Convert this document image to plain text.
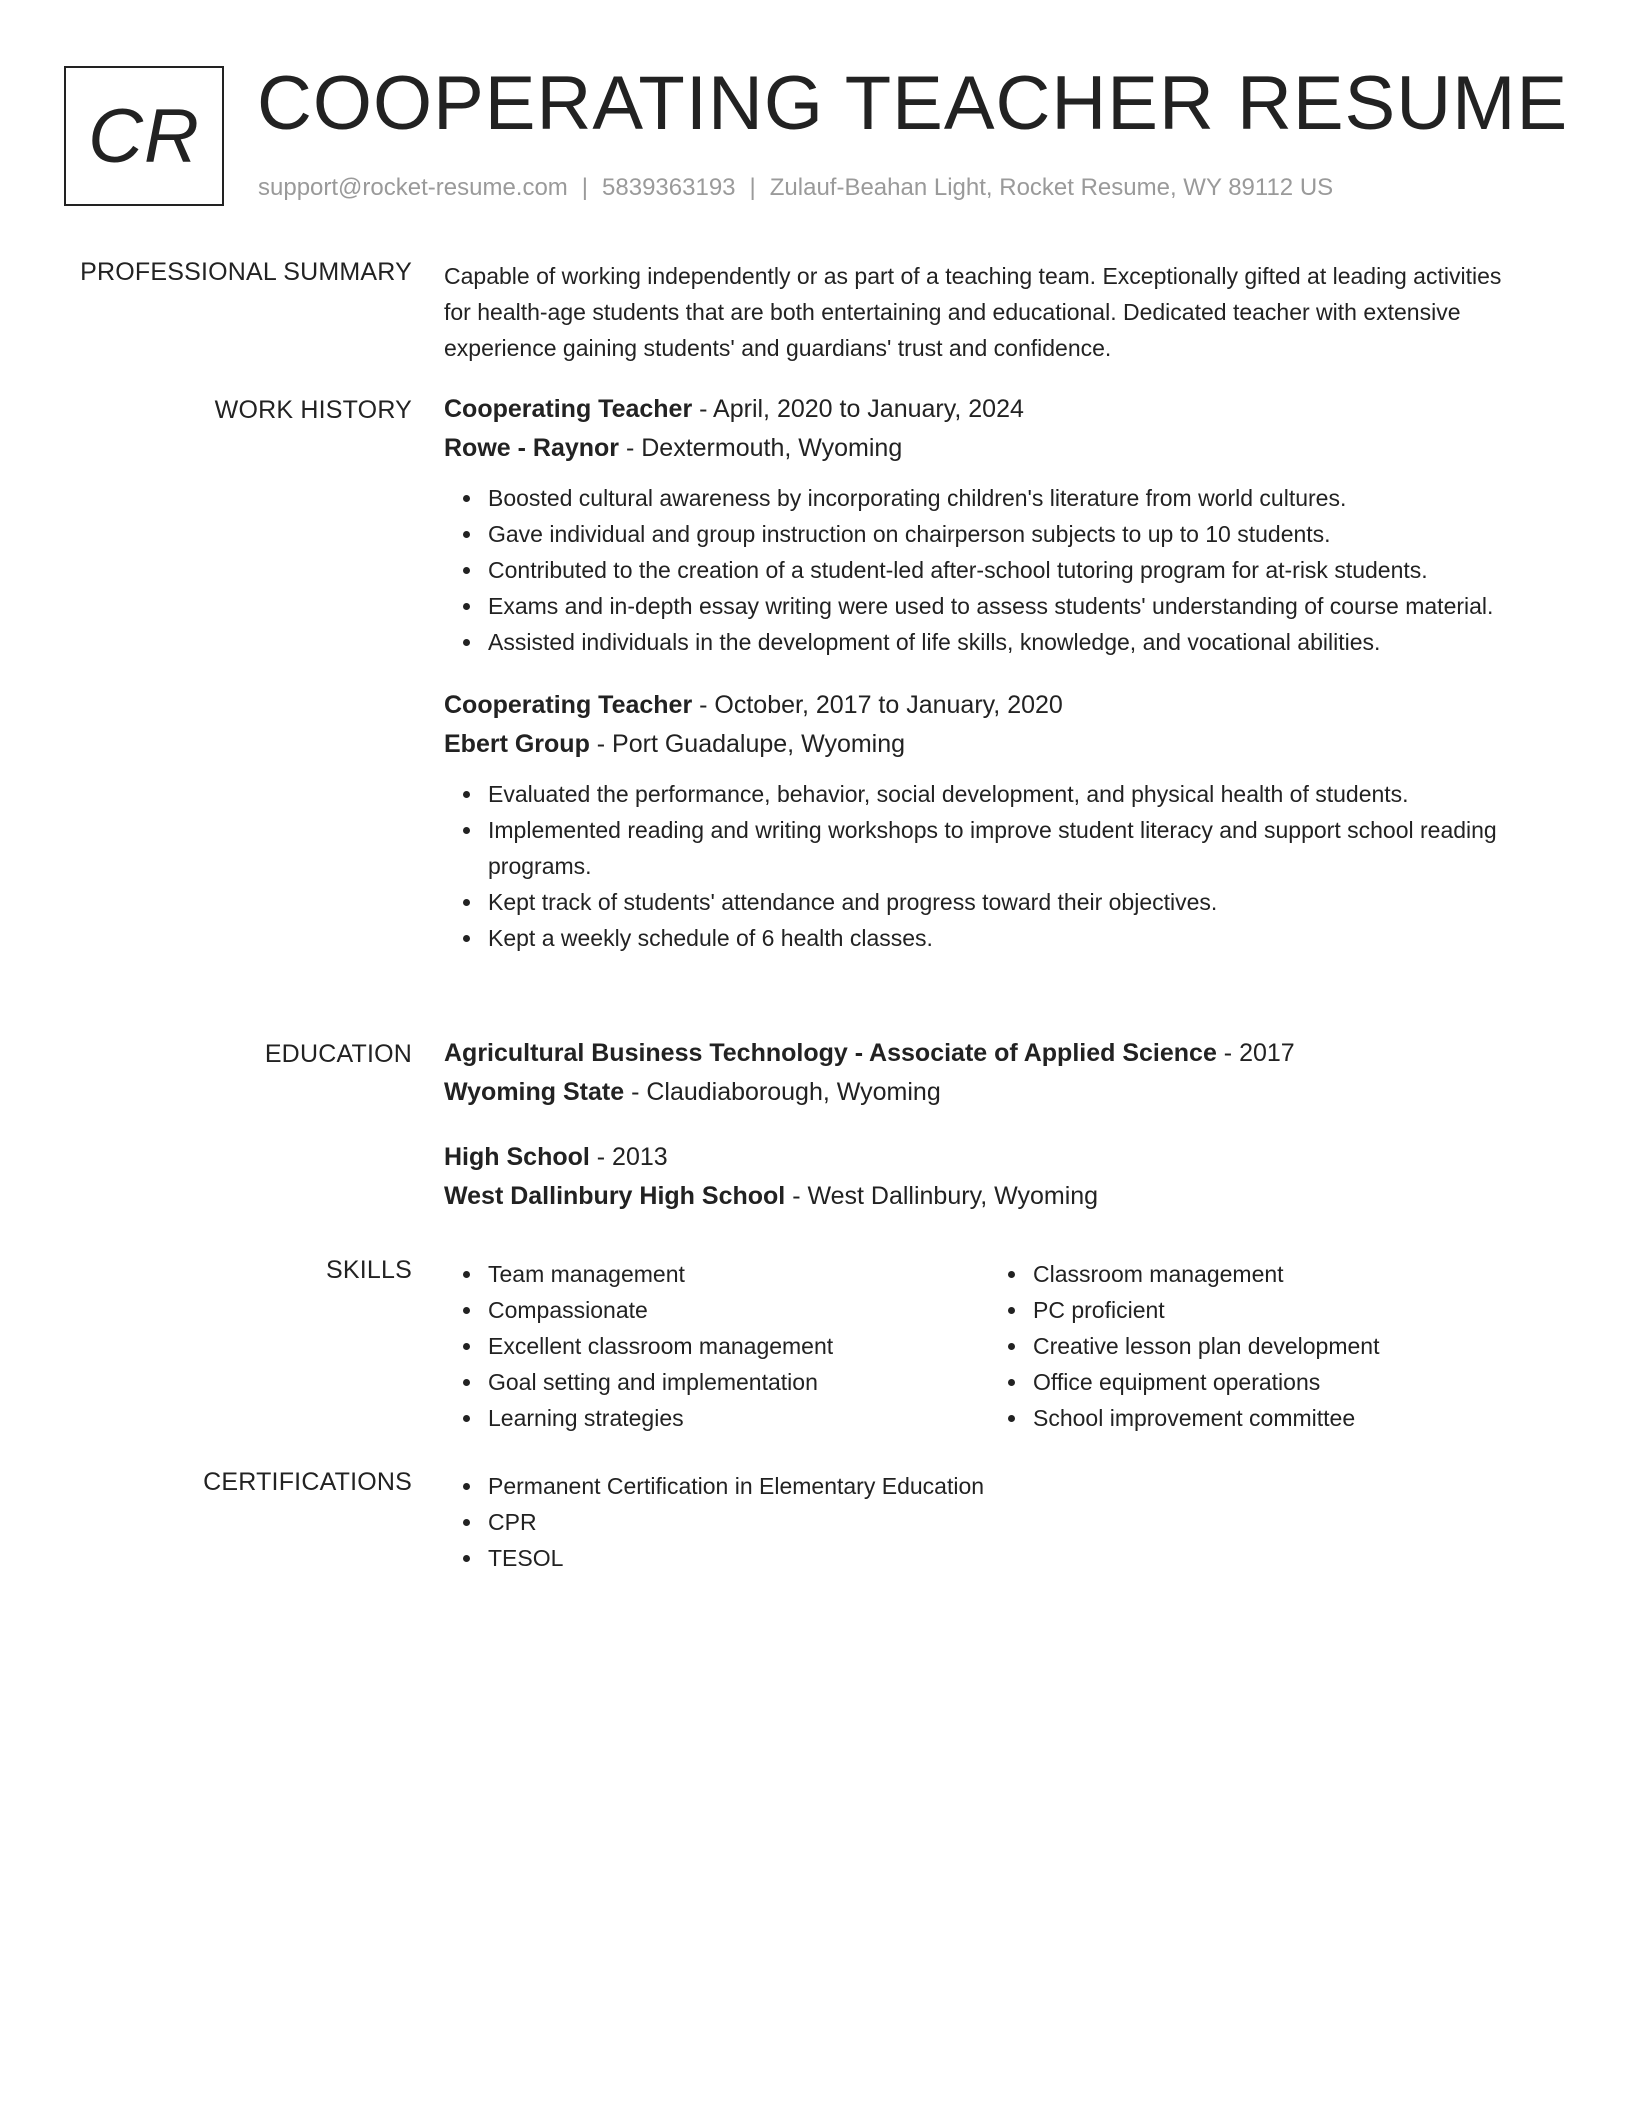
CR COOPERATING TEACHER RESUME
support@rocket-resume.com | 5839363193 | Zulauf-Beahan Light, Rocket Resume, WY 89112 US
PROFESSIONAL SUMMARY Capable of working independently or as part of a teaching team. Exceptionally gifted at leading activities for health-age students that are both entertaining and educational. Dedicated teacher with extensive experience gaining students' and guardians' trust and confidence.

WORK HISTORY Cooperating Teacher - April, 2020 to January, 2024
Rowe - Raynor - Dextermouth, Wyoming
Boosted cultural awareness by incorporating children's literature from world cultures.
Gave individual and group instruction on chairperson subjects to up to 10 students.
Contributed to the creation of a student-led after-school tutoring program for at-risk students.
Exams and in-depth essay writing were used to assess students' understanding of course material.
Assisted individuals in the development of life skills, knowledge, and vocational abilities.
Cooperating Teacher - October, 2017 to January, 2020
Ebert Group - Port Guadalupe, Wyoming
Evaluated the performance, behavior, social development, and physical health of students.
Implemented reading and writing workshops to improve student literacy and support school reading programs.
Kept track of students' attendance and progress toward their objectives.
Kept a weekly schedule of 6 health classes.
EDUCATION Agricultural Business Technology - Associate of Applied Science - 2017
Wyoming State - Claudiaborough, Wyoming
High School - 2013
West Dallinbury High School - West Dallinbury, Wyoming
SKILLS	Team management
Compassionate
Excellent classroom management
Goal setting and implementation
Learning strategies
Classroom management
PC proficient
Creative lesson plan development
Office equipment operations
School improvement committee
CERTIFICATIONS	Permanent Certification in Elementary Education
CPR
TESOL
